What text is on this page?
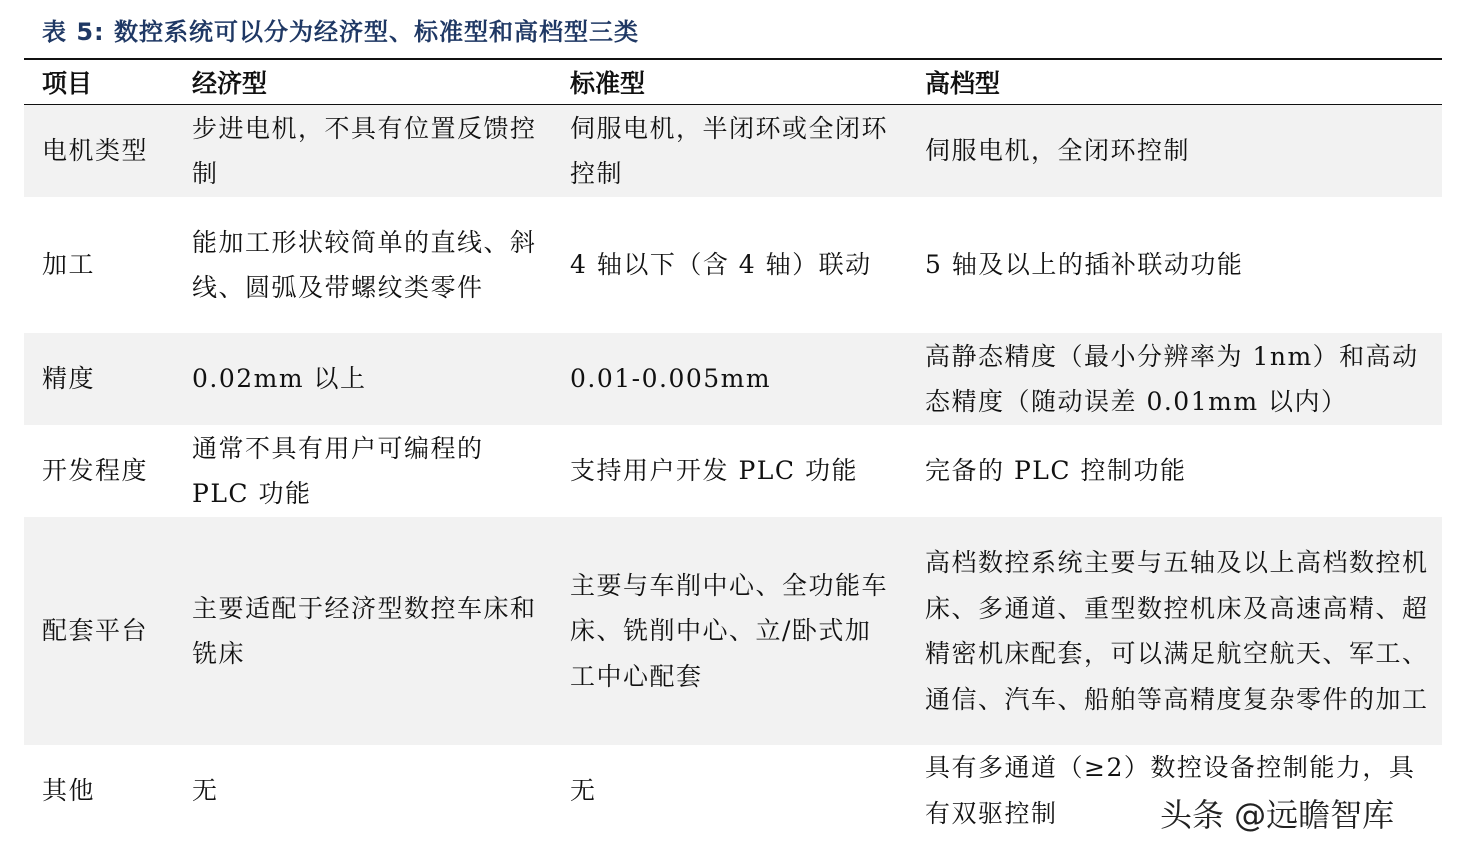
表 5: 数控系统可以分为经济型、标准型和高档型三类
项目	经济型	标准型	高档型
电机类型	步进电机，不具有位置反馈控制	伺服电机，半闭环或全闭环控制	伺服电机，全闭环控制
加工	能加工形状较简单的直线、斜线、圆弧及带螺纹类零件	4 轴以下（含 4 轴）联动	5 轴及以上的插补联动功能
精度	0.02mm 以上	0.01-0.005mm	高静态精度（最小分辨率为 1nm）和高动态精度（随动误差 0.01mm 以内）
开发程度	通常不具有用户可编程的 PLC 功能	支持用户开发 PLC 功能	完备的 PLC 控制功能
配套平台	主要适配于经济型数控车床和铣床	主要与车削中心、全功能车床、铣削中心、立/卧式加工中心配套	高档数控系统主要与五轴及以上高档数控机床、多通道、重型数控机床及高速高精、超精密机床配套，可以满足航空航天、军工、通信、汽车、船舶等高精度复杂零件的加工
其他	无	无	具有多通道（≥2）数控设备控制能力，具有双驱控制	头条 @远瞻智库
